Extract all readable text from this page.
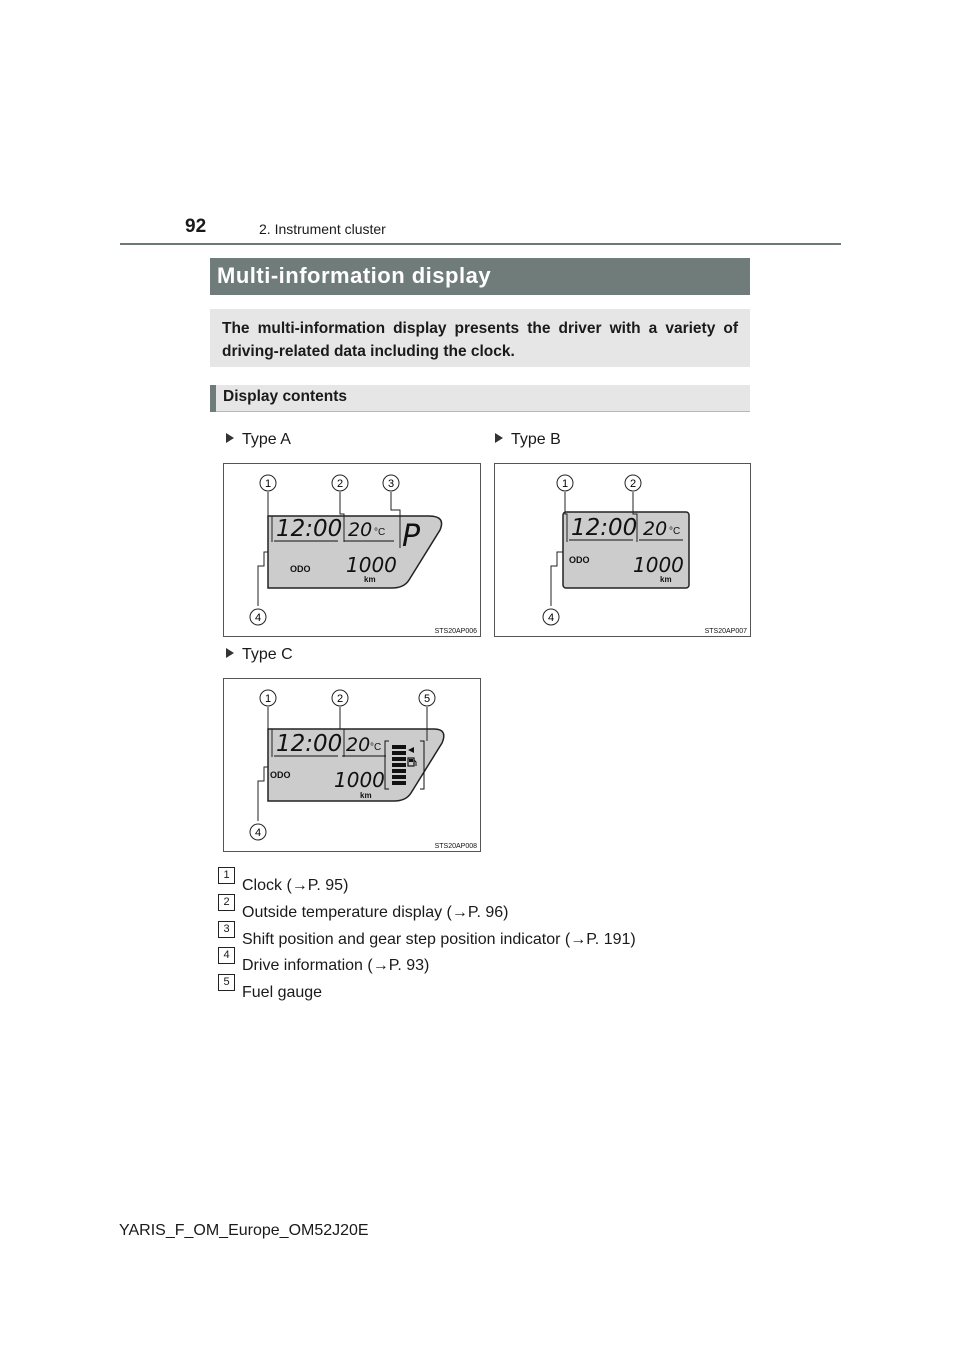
92	2. Instrument cluster
Multi-information display

The multi-information display presents the driver with a variety of driving-related data including the clock.

Display contents
Type A
12:00 20 °C P
ODO 1000
km
1	2	3
4
STS20AP006
Type B
12:00 20 °C
ODO 1000
km
1	2
4
STS20AP007
Type C
12:00 20 °C
ODO 1000
km
1	2	5
4
STS20AP008
1
Clock (→P. 95)
2
Outside temperature display (→P. 96)
3
Shift position and gear step position indicator (→P. 191)
4
Drive information (→P. 93)
5
Fuel gauge
YARIS_F_OM_Europe_OM52J20E
